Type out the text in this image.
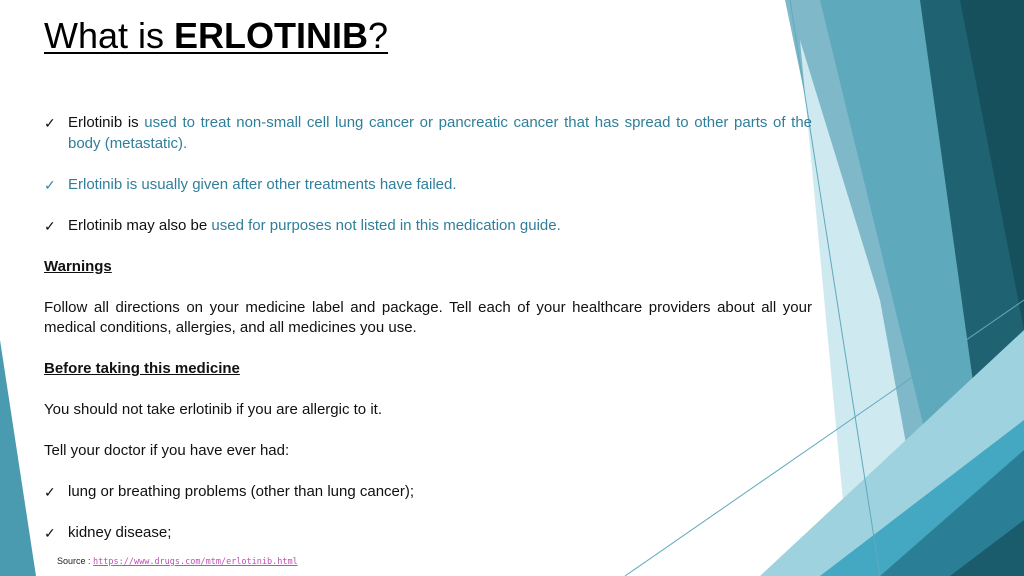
What is ERLOTINIB?
✓ Erlotinib is used to treat non-small cell lung cancer or pancreatic cancer that has spread to other parts of the body (metastatic).
✓ Erlotinib is usually given after other treatments have failed.
✓ Erlotinib may also be used for purposes not listed in this medication guide.
Warnings
Follow all directions on your medicine label and package. Tell each of your healthcare providers about all your medical conditions, allergies, and all medicines you use.
Before taking this medicine
You should not take erlotinib if you are allergic to it.
Tell your doctor if you have ever had:
✓ lung or breathing problems (other than lung cancer);
✓ kidney disease;
Source : https://www.drugs.com/mtm/erlotinib.html
